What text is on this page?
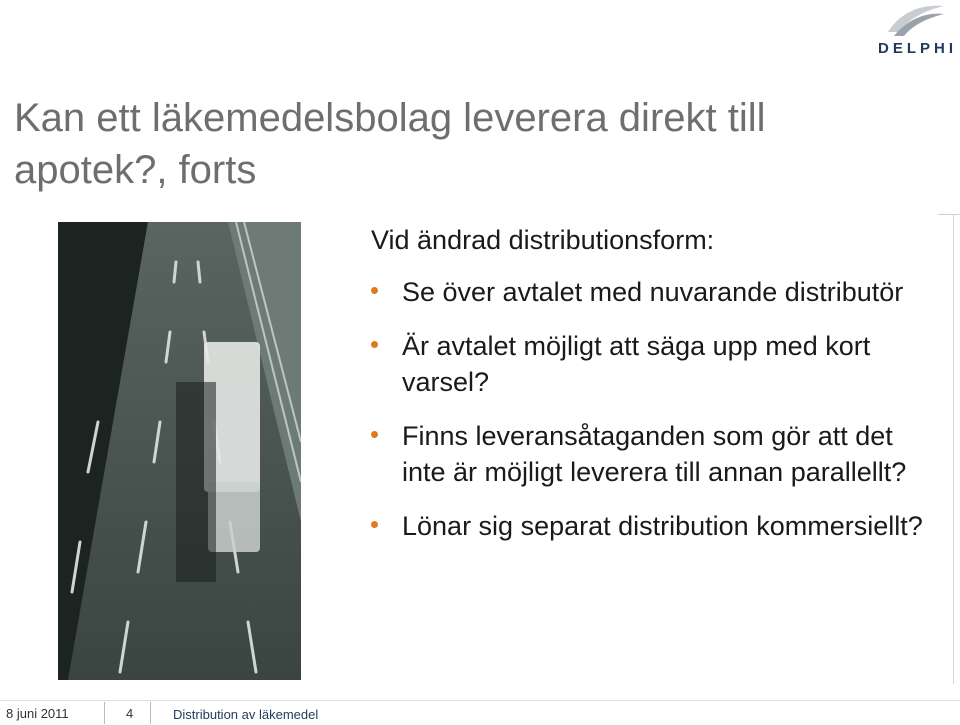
DELPHI
Kan ett läkemedelsbolag leverera direkt till apotek?, forts

Vid ändrad distributionsform:

Se över avtalet med nuvarande distributör
Är avtalet möjligt att säga upp med kort varsel?
Finns leveransåtaganden som gör att det inte är möjligt leverera till annan parallellt?
Lönar sig separat distribution kommersiellt?
8 juni 2011	4	Distribution av läkemedel
